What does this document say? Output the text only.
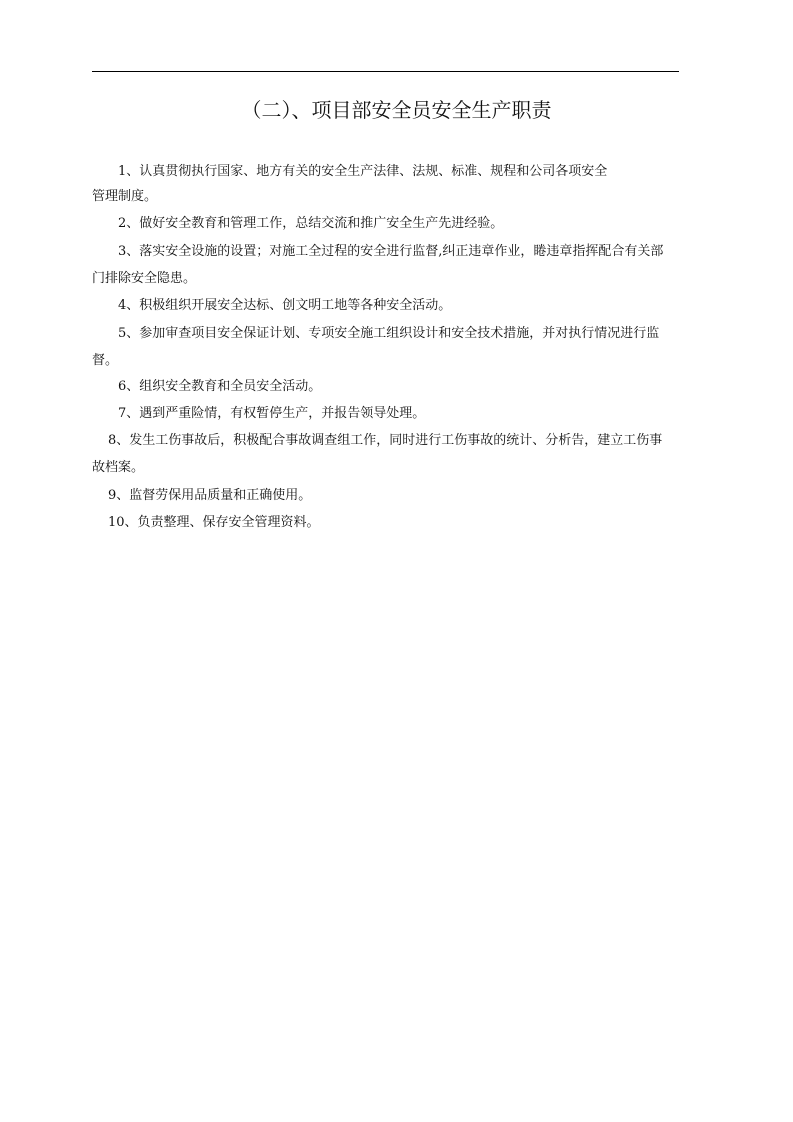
（二）、项目部安全员安全生产职责
1、认真贯彻执行国家、地方有关的安全生产法律、法规、标准、规程和公司各项安全
管理制度。
2、做好安全教育和管理工作，总结交流和推广安全生产先进经验。
3、落实安全设施的设置；对施工全过程的安全进行监督,纠正违章作业，睠违章指挥配合有关部
门排除安全隐患。
4、积极组织开展安全达标、创文明工地等各种安全活动。
5、参加审查项目安全保证计划、专项安全施工组织设计和安全技术措施，并对执行情况进行监
督。
6、组织安全教育和全员安全活动。
7、遇到严重险情，有权暂停生产，并报告领导处理。
8、发生工伤事故后，积极配合事故调查组工作，同时进行工伤事故的统计、分析告，建立工伤事
故档案。
9、监督劳保用品质量和正确使用。
10、负责整理、保存安全管理资料。
